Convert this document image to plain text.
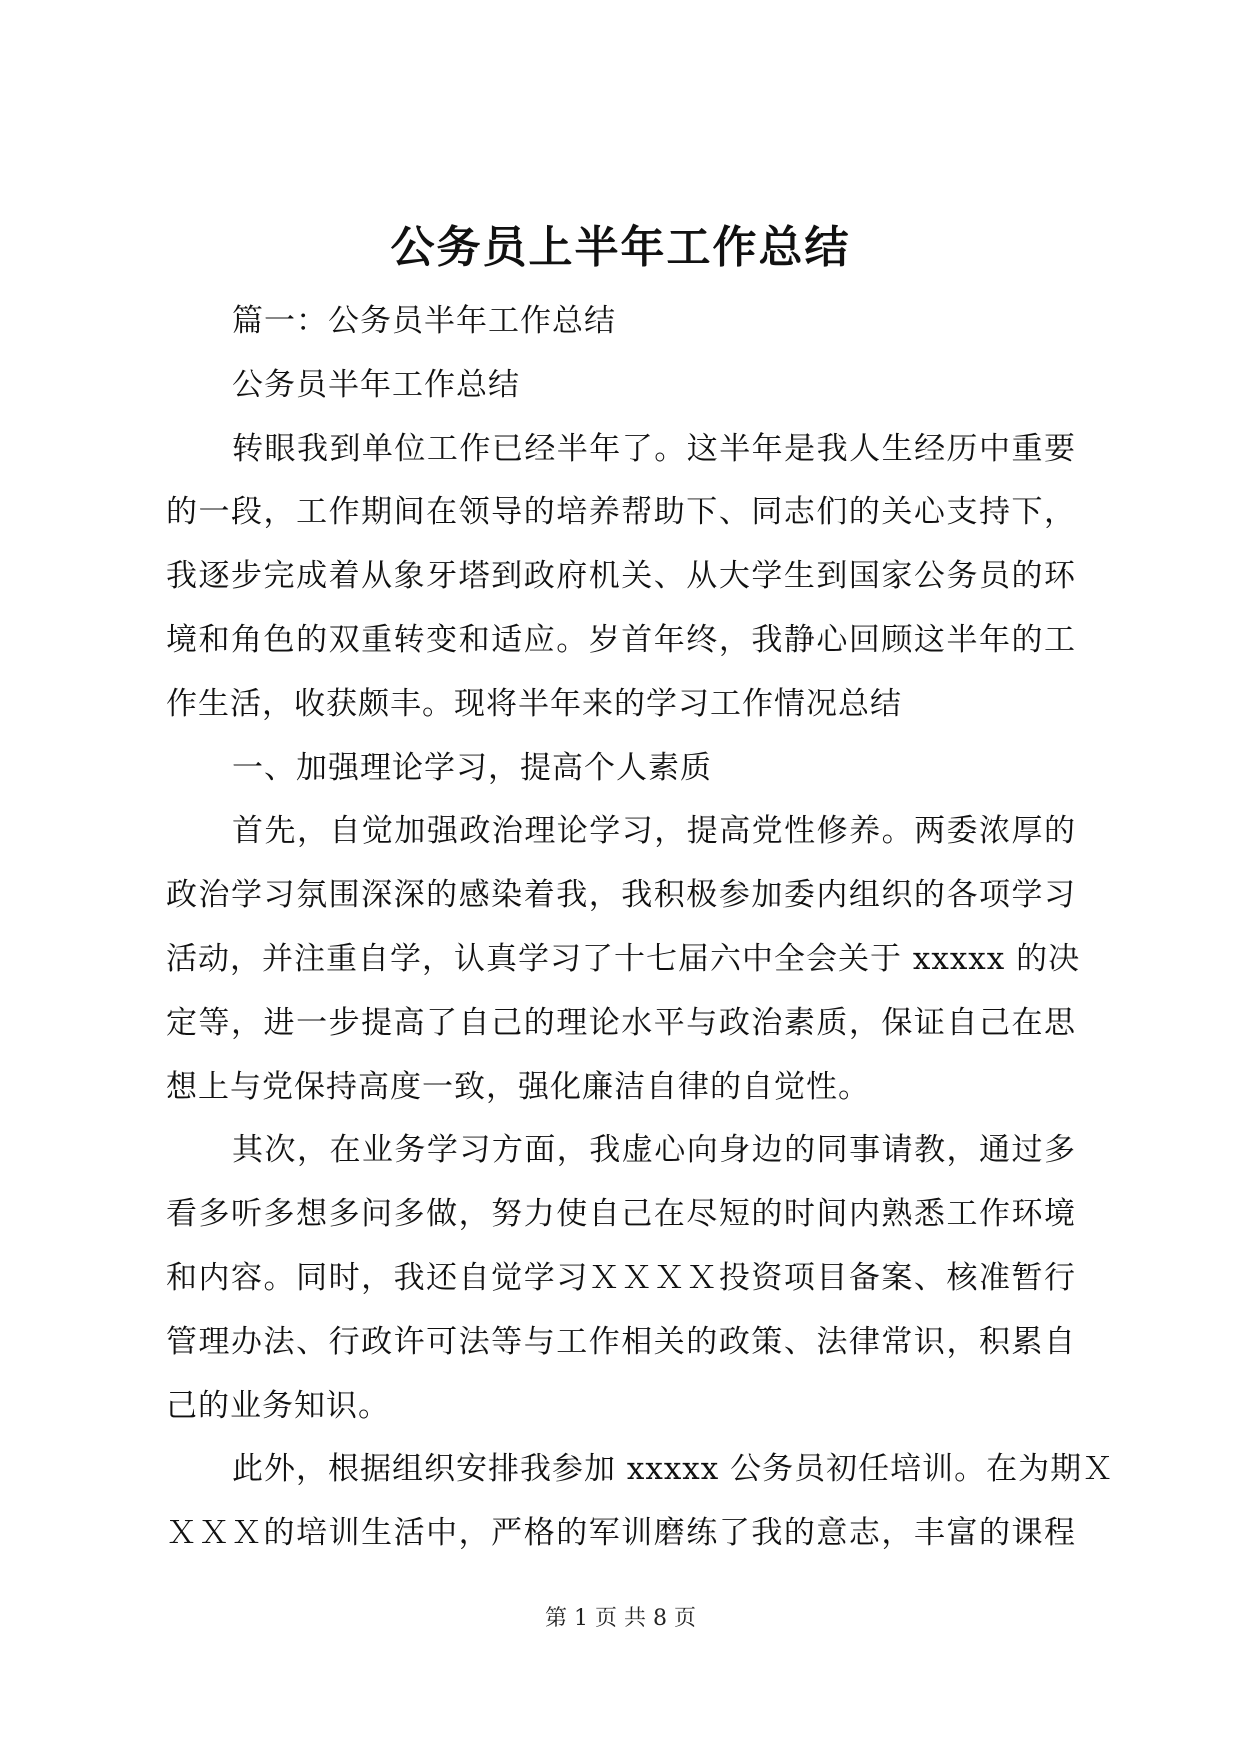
公务员上半年工作总结
篇一：公务员半年工作总结
公务员半年工作总结
转眼我到单位工作已经半年了。这半年是我人生经历中重要
的一段，工作期间在领导的培养帮助下、同志们的关心支持下，
我逐步完成着从象牙塔到政府机关、从大学生到国家公务员的环
境和角色的双重转变和适应。岁首年终，我静心回顾这半年的工
作生活，收获颇丰。现将半年来的学习工作情况总结
一、加强理论学习，提高个人素质
首先，自觉加强政治理论学习，提高党性修养。两委浓厚的
政治学习氛围深深的感染着我，我积极参加委内组织的各项学习
活动，并注重自学，认真学习了十七届六中全会关于 xxxxx 的决
定等，进一步提高了自己的理论水平与政治素质，保证自己在思
想上与党保持高度一致，强化廉洁自律的自觉性。
其次，在业务学习方面，我虚心向身边的同事请教，通过多
看多听多想多问多做，努力使自己在尽短的时间内熟悉工作环境
和内容。同时，我还自觉学习ＸＸＸＸ投资项目备案、核准暂行
管理办法、行政许可法等与工作相关的政策、法律常识，积累自
己的业务知识。
此外，根据组织安排我参加 xxxxx 公务员初任培训。在为期Ｘ
ＸＸＸ的培训生活中，严格的军训磨练了我的意志，丰富的课程
第 1 页 共 8 页
